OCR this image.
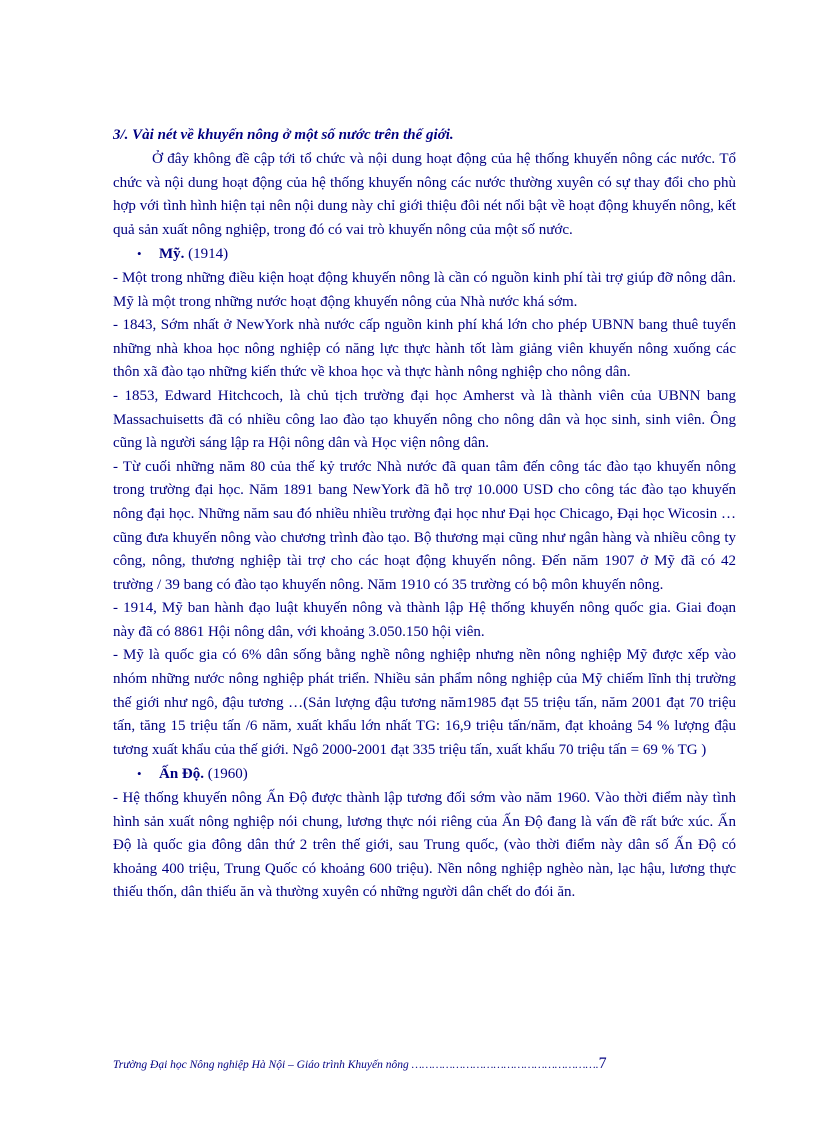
3/. Vài nét về khuyến nông ở một số nước trên thế giới.

Ở đây không đề cập tới tổ chức và nội dung hoạt động của hệ thống khuyến nông các nước. Tổ chức và nội dung hoạt động của hệ thống khuyến nông các nước thường xuyên có sự thay đổi cho phù hợp với tình hình hiện tại nên nội dung này chỉ giới thiệu đôi nét nổi bật về hoạt động khuyến nông, kết quả sản xuất nông nghiệp, trong đó có vai trò khuyến nông của một số nước.

• Mỹ. (1914)

- Một trong những điều kiện hoạt động khuyến nông là cần có nguồn kinh phí tài trợ giúp đỡ nông dân. Mỹ là một trong những nước hoạt động khuyến nông của Nhà nước khá sớm.

- 1843, Sớm nhất ở NewYork nhà nước cấp nguồn kinh phí khá lớn cho phép UBNN bang thuê tuyển những nhà khoa học nông nghiệp có năng lực thực hành tốt làm giảng viên khuyến nông xuống các thôn xã đào tạo những kiến thức về khoa học và thực hành nông nghiệp cho nông dân.

- 1853, Edward Hitchcoch, là chủ tịch trường đại học Amherst và là thành viên của UBNN bang Massachuisetts đã có nhiều công lao đào tạo khuyến nông cho nông dân và học sinh, sinh viên. Ông cũng là người sáng lập ra Hội nông dân và Học viện nông dân.

- Từ cuối những năm 80 của thế kỷ trước Nhà nước đã quan tâm đến công tác đào tạo khuyến nông trong trường đại học. Năm 1891 bang NewYork đã hỗ trợ 10.000 USD cho công tác đào tạo khuyến nông đại học. Những năm sau đó nhiều nhiều trường đại học như Đại học Chicago, Đại học Wicosin …cũng đưa khuyến nông vào chương trình đào tạo. Bộ thương mại cũng như ngân hàng và nhiều công ty công, nông, thương nghiệp tài trợ cho các hoạt động khuyến nông. Đến năm 1907 ở Mỹ đã có 42 trường / 39 bang có đào tạo khuyến nông. Năm 1910 có 35 trường có bộ môn khuyến nông.

- 1914, Mỹ ban hành đạo luật khuyến nông và thành lập Hệ thống khuyến nông quốc gia. Giai đoạn này đã có 8861 Hội nông dân, với khoảng 3.050.150 hội viên.

- Mỹ là quốc gia có 6% dân sống bằng nghề nông nghiệp nhưng nền nông nghiệp Mỹ được xếp vào nhóm những nước nông nghiệp phát triển. Nhiều sản phẩm nông nghiệp của Mỹ chiếm lĩnh thị trường thế giới như ngô, đậu tương …(Sản lượng đậu tương năm1985 đạt 55 triệu tấn, năm 2001 đạt 70 triệu tấn, tăng 15 triệu tấn /6 năm, xuất khẩu lớn nhất TG: 16,9 triệu tấn/năm, đạt khoảng 54 % lượng đậu tương xuất khẩu của thế giới. Ngô 2000-2001 đạt 335 triệu tấn, xuất khẩu 70 triệu tấn = 69 % TG )

• Ấn Độ. (1960)

- Hệ thống khuyến nông Ấn Độ được thành lập tương đối sớm vào năm 1960. Vào thời điểm này tình hình sản xuất nông nghiệp nói chung, lương thực nói riêng của Ấn Độ đang là vấn đề rất bức xúc. Ấn Độ là quốc gia đông dân thứ 2 trên thế giới, sau Trung quốc, (vào thời điểm này dân số Ấn Độ có khoảng 400 triệu, Trung Quốc có khoảng 600 triệu). Nền nông nghiệp nghèo nàn, lạc hậu, lương thực thiếu thốn, dân thiếu ăn và thường xuyên có những người dân chết do đói ăn.

Trường Đại học Nông nghiệp Hà Nội – Giáo trình Khuyến nông ……………………………………………….7
